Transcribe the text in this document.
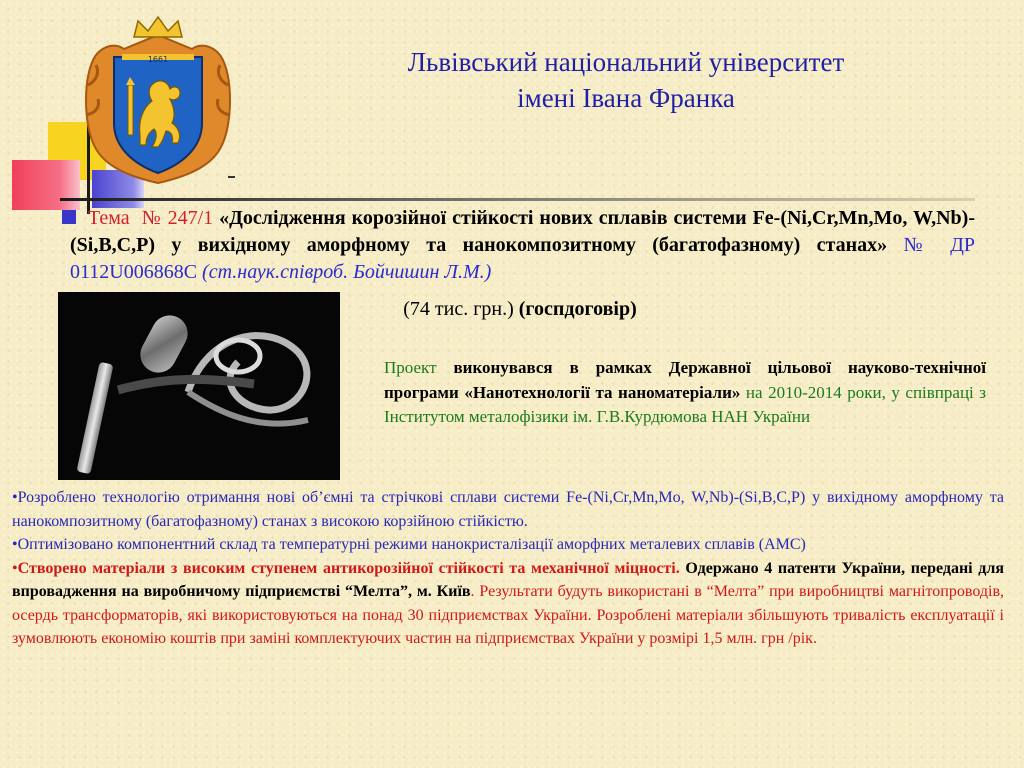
1661	Львівський національний університет
імені Івана Франка
Тема № 247/1 «Дослідження корозійної стійкості нових сплавів системи Fe-(Ni,Cr,Mn,Mo, W,Nb)-(Si,B,C,P) у вихідному аморфному та нанокомпозитному (багатофазному) станах» № ДР 0112U006868С (ст.наук.співроб. Бойчишин Л.М.)
(74 тис. грн.) (госпдоговір)
Проект виконувався в рамках Державної цільової науково-технічної програми «Нанотехнології та наноматеріали» на 2010-2014 роки, у співпраці з Інститутом металофізики ім. Г.В.Курдюмова НАН України

•Розроблено технологію отримання нові об’ємні та стрічкові сплави системи Fe-(Ni,Cr,Mn,Mo, W,Nb)-(Si,B,C,P) у вихідному аморфному та нанокомпозитному (багатофазному) станах з високою корзійною стійкістю.

•Оптимізовано компонентний склад та температурні режими нанокристалізації аморфних металевих сплавів (АМС)

•Створено матеріали з високим ступенем антикорозійної стійкості та механічної міцності. Одержано 4 патенти України, передані для впровадження на виробничому підприємстві “Мелта”, м. Київ. Результати будуть використані в “Мелта” при виробництві магнітопроводів, осердь трансформаторів, які використовуються на понад 30 підприємствах України. Розроблені матеріали збільшують тривалість експлуатації і зумовлюють економію коштів при заміні комплектуючих частин на підприємствах України у розмірі 1,5 млн. грн /рік.
